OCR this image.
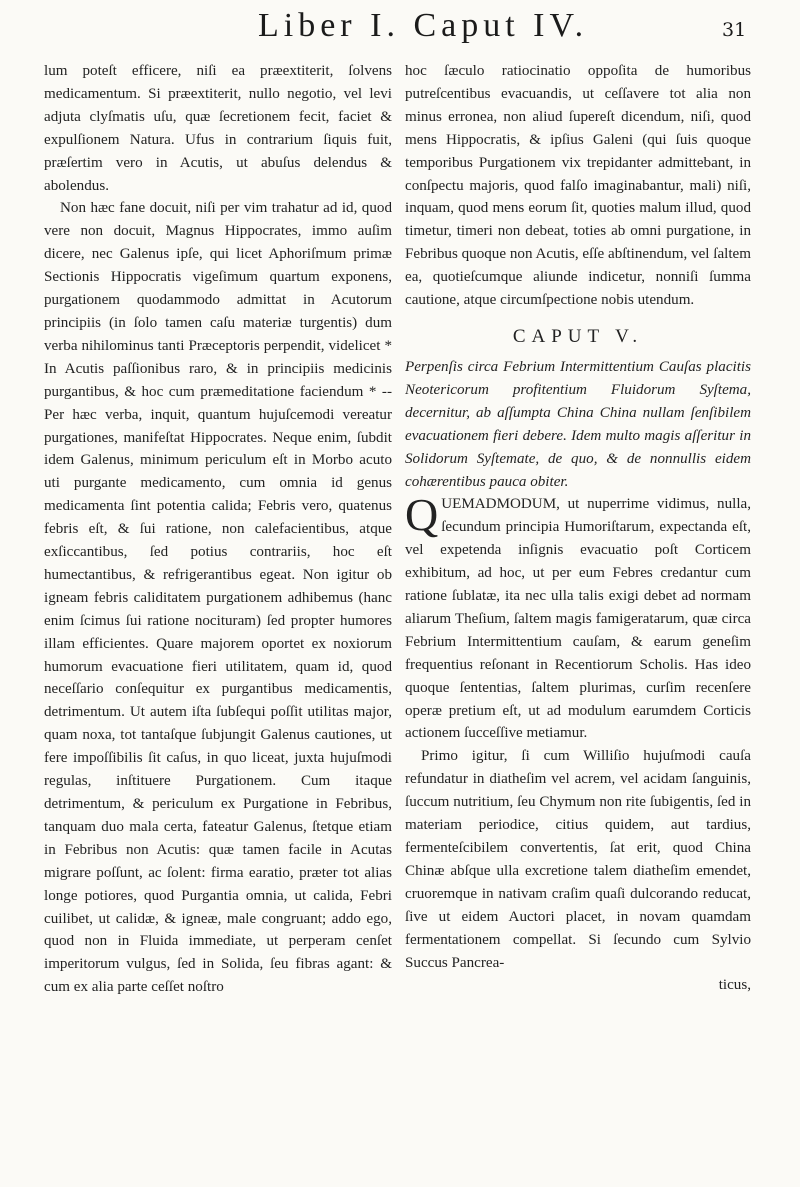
Liber I. Caput IV.	31

lum poteſt efficere, niſi ea præextiterit, ſolvens medicamentum. Si præextiterit, nullo negotio, vel levi adjuta clyſmatis uſu, quæ ſecretionem fecit, faciet & expulſionem Natura. Ufus in contrarium ſiquis fuit, præſertim vero in Acutis, ut abuſus delendus & abolendus.

Non hæc fane docuit, niſi per vim trahatur ad id, quod vere non docuit, Magnus Hippocrates, immo auſim dicere, nec Galenus ipſe, qui licet Aphoriſmum primæ Sectionis Hippocratis vigeſimum quartum exponens, purgationem quodammodo admittat in Acutorum principiis (in ſolo tamen caſu materiæ turgentis) dum verba nihilominus tanti Præceptoris perpendit, videlicet * In Acutis paſſionibus raro, & in principiis medicinis purgantibus, & hoc cum præmeditatione faciendum * -- Per hæc verba, inquit, quantum hujuſcemodi vereatur purgationes, manifeſtat Hippocrates. Neque enim, ſubdit idem Galenus, minimum periculum eſt in Morbo acuto uti purgante medicamento, cum omnia id genus medicamenta ſint potentia calida; Febris vero, quatenus febris eſt, & ſui ratione, non calefacientibus, atque exſiccantibus, ſed potius contrariis, hoc eſt humectantibus, & refrigerantibus egeat. Non igitur ob igneam febris caliditatem purgationem adhibemus (hanc enim ſcimus ſui ratione nocituram) ſed propter humores illam efficientes. Quare majorem oportet ex noxiorum humorum evacuatione fieri utilitatem, quam id, quod neceſſario conſequitur ex purgantibus medicamentis, detrimentum. Ut autem iſta ſubſequi poſſit utilitas major, quam noxa, tot tantaſque ſubjungit Galenus cautiones, ut fere impoſſibilis ſit caſus, in quo liceat, juxta hujuſmodi regulas, inſtituere Purgationem. Cum itaque detrimentum, & periculum ex Purgatione in Febribus, tanquam duo mala certa, fateatur Galenus, ſtetque etiam in Febribus non Acutis: quæ tamen facile in Acutas migrare poſſunt, ac ſolent: firma earatio, præter tot alias longe potiores, quod Purgantia omnia, ut calida, Febri cuilibet, ut calidæ, & igneæ, male congruant; addo ego, quod non in Fluida immediate, ut perperam cenſet imperitorum vulgus, ſed in Solida, ſeu fibras agant: & cum ex alia parte ceſſet noſtro

hoc ſæculo ratiocinatio oppoſita de humoribus putreſcentibus evacuandis, ut ceſſavere tot alia non minus erronea, non aliud ſupereſt dicendum, niſi, quod mens Hippocratis, & ipſius Galeni (qui ſuis quoque temporibus Purgationem vix trepidanter admittebant, in conſpectu majoris, quod falſo imaginabantur, mali) niſi, inquam, quod mens eorum ſit, quoties malum illud, quod timetur, timeri non debeat, toties ab omni purgatione, in Febribus quoque non Acutis, eſſe abſtinendum, vel ſaltem ea, quotieſcumque aliunde indicetur, nonniſi ſumma cautione, atque circumſpectione nobis utendum.

CAPUT V.

Perpenſis circa Febrium Intermittentium Cauſas placitis Neotericorum profitentium Fluidorum Syſtema, decernitur, ab aſſumpta China China nullam ſenſibilem evacuationem fieri debere. Idem multo magis aſſeritur in Solidorum Syſtemate, de quo, & de nonnullis eidem cohærentibus pauca obiter.

QUEMADMODUM, ut nuperrime vidimus, nulla, ſecundum principia Humoriſtarum, expectanda eſt, vel expetenda inſignis evacuatio poſt Corticem exhibitum, ad hoc, ut per eum Febres credantur cum ratione ſublatæ, ita nec ulla talis exigi debet ad normam aliarum Theſium, ſaltem magis famigeratarum, quæ circa Febrium Intermittentium cauſam, & earum geneſim frequentius reſonant in Recentiorum Scholis. Has ideo quoque ſententias, ſaltem plurimas, curſim recenſere operæ pretium eſt, ut ad modulum earumdem Corticis actionem ſucceſſive metiamur.

Primo igitur, ſi cum Williſio hujuſmodi cauſa refundatur in diatheſim vel acrem, vel acidam ſanguinis, ſuccum nutritium, ſeu Chymum non rite ſubigentis, ſed in materiam periodice, citius quidem, aut tardius, fermenteſcibilem convertentis, ſat erit, quod China Chinæ abſque ulla excretione talem diatheſim emendet, cruoremque in nativam craſim quaſi dulcorando reducat, ſive ut eidem Auctori placet, in novam quamdam fermentationem compellat. Si ſecundo cum Sylvio Succus Pancrea-

ticus,
